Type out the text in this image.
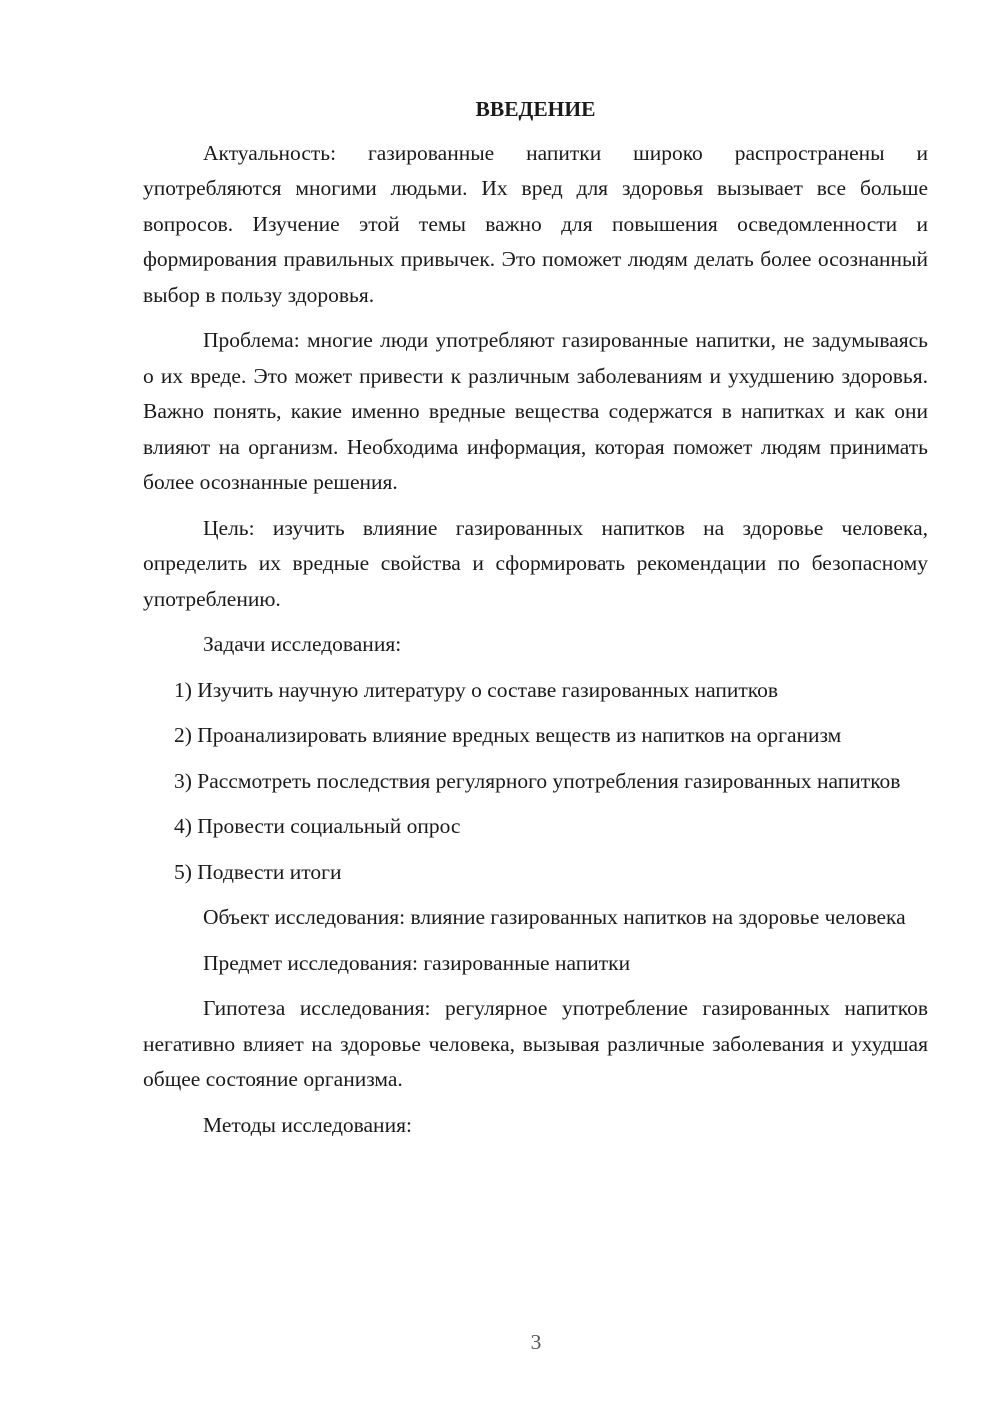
ВВЕДЕНИЕ

Актуальность: газированные напитки широко распространены и употребляются многими людьми. Их вред для здоровья вызывает все больше вопросов. Изучение этой темы важно для повышения осведомленности и формирования правильных привычек. Это поможет людям делать более осознанный выбор в пользу здоровья.

Проблема: многие люди употребляют газированные напитки, не задумываясь о их вреде. Это может привести к различным заболеваниям и ухудшению здоровья. Важно понять, какие именно вредные вещества содержатся в напитках и как они влияют на организм. Необходима информация, которая поможет людям принимать более осознанные решения.

Цель: изучить влияние газированных напитков на здоровье человека, определить их вредные свойства и сформировать рекомендации по безопасному употреблению.

Задачи исследования:

1) Изучить научную литературу о составе газированных напитков

2) Проанализировать влияние вредных веществ из напитков на организм

3) Рассмотреть последствия регулярного употребления газированных напитков

4) Провести социальный опрос

5) Подвести итоги

Объект исследования: влияние газированных напитков на здоровье человека

Предмет исследования: газированные напитки

Гипотеза исследования: регулярное употребление газированных напитков негативно влияет на здоровье человека, вызывая различные заболевания и ухудшая общее состояние организма.

Методы исследования:

3
